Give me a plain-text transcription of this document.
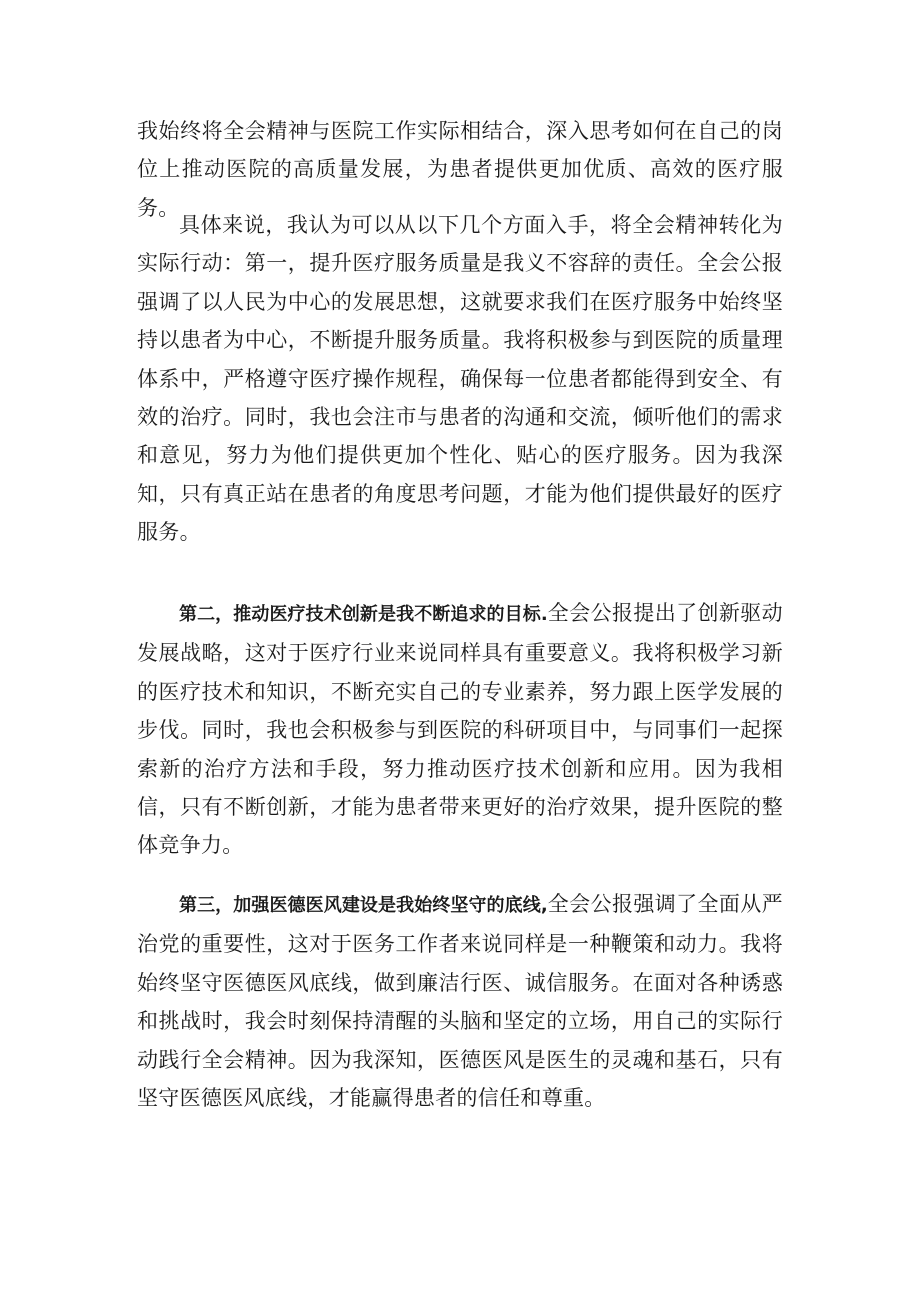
我始终将全会精神与医院工作实际相结合，深入思考如何在自己的岗位上推动医院的高质量发展，为患者提供更加优质、高效的医疗服务。

具体来说，我认为可以从以下几个方面入手，将全会精神转化为实际行动：第一，提升医疗服务质量是我义不容辞的责任。全会公报强调了以人民为中心的发展思想，这就要求我们在医疗服务中始终坚持以患者为中心，不断提升服务质量。我将积极参与到医院的质量理体系中，严格遵守医疗操作规程，确保每一位患者都能得到安全、有效的治疗。同时，我也会注市与患者的沟通和交流，倾听他们的需求和意见，努力为他们提供更加个性化、贴心的医疗服务。因为我深知，只有真正站在患者的角度思考问题，才能为他们提供最好的医疗服务。

第二，推动医疗技术创新是我不断追求的目标.全会公报提出了创新驱动发展战略，这对于医疗行业来说同样具有重要意义。我将积极学习新的医疗技术和知识，不断充实自己的专业素养，努力跟上医学发展的步伐。同时，我也会积极参与到医院的科研项目中，与同事们一起探索新的治疗方法和手段，努力推动医疗技术创新和应用。因为我相信，只有不断创新，才能为患者带来更好的治疗效果，提升医院的整体竞争力。

第三，加强医德医风建设是我始终坚守的底线,全会公报强调了全面从严治党的重要性，这对于医务工作者来说同样是一种鞭策和动力。我将始终坚守医德医风底线，做到廉洁行医、诚信服务。在面对各种诱惑和挑战时，我会时刻保持清醒的头脑和坚定的立场，用自己的实际行动践行全会精神。因为我深知，医德医风是医生的灵魂和基石，只有坚守医德医风底线，才能赢得患者的信任和尊重。
